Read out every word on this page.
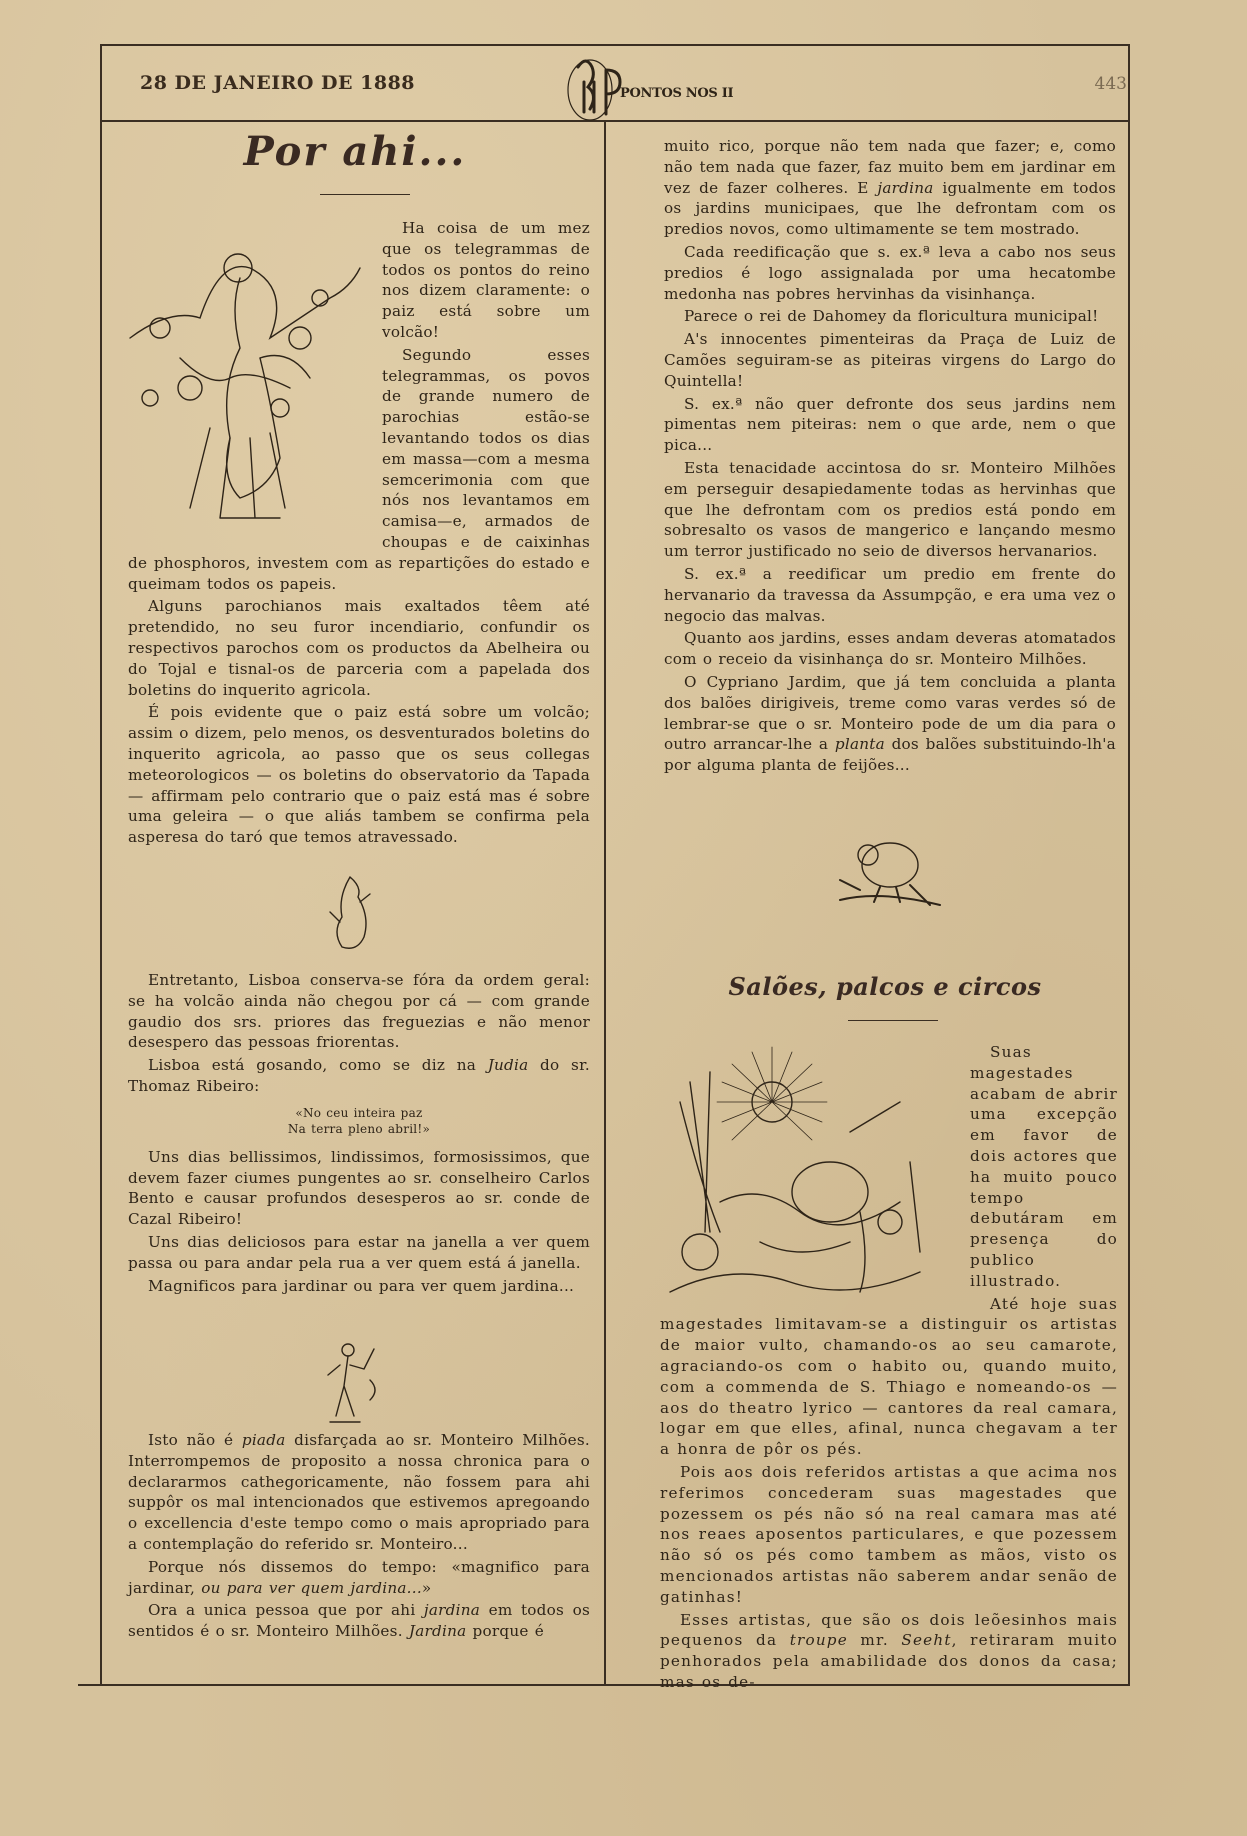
28 DE JANEIRO DE 1888	443
PONTOS NOS II
Por ahi...

Ha coisa de um mez que os telegrammas de todos os pontos do reino nos dizem claramente: o paiz está sobre um volcão!

Segundo esses telegrammas, os povos de grande numero de parochias estão-se levantando todos os dias em massa—com a mesma semcerimonia com que nós nos levantamos em camisa—e, armados de choupas e de caixinhas de phosphoros, investem com as repartições do estado e queimam todos os papeis.

Alguns parochianos mais exaltados têem até pretendido, no seu furor incendiario, confundir os respectivos parochos com os productos da Abelheira ou do Tojal e tisnal-os de parceria com a papelada dos boletins do inquerito agricola.

É pois evidente que o paiz está sobre um volcão; assim o dizem, pelo menos, os desventurados boletins do inquerito agricola, ao passo que os seus collegas meteorologicos — os boletins do observatorio da Tapada — affirmam pelo contrario que o paiz está mas é sobre uma geleira — o que aliás tambem se confirma pela asperesa do taró que temos atravessado.

Entretanto, Lisboa conserva-se fóra da ordem geral: se ha volcão ainda não chegou por cá — com grande gaudio dos srs. priores das freguezias e não menor desespero das pessoas friorentas.

Lisboa está gosando, como se diz na Judia do sr. Thomaz Ribeiro:

«No ceu inteira paz
Na terra pleno abril!»

Uns dias bellissimos, lindissimos, formosissimos, que devem fazer ciumes pungentes ao sr. conselheiro Carlos Bento e causar profundos desesperos ao sr. conde de Cazal Ribeiro!

Uns dias deliciosos para estar na janella a ver quem passa ou para andar pela rua a ver quem está á janella.

Magnificos para jardinar ou para ver quem jardina...

Isto não é piada disfarçada ao sr. Monteiro Milhões. Interrompemos de proposito a nossa chronica para o declararmos cathegoricamente, não fossem para ahi suppôr os mal intencionados que estivemos apregoando o excellencia d'este tempo como o mais apropriado para a contemplação do referido sr. Monteiro...

Porque nós dissemos do tempo: «magnifico para jardinar, ou para ver quem jardina...»

Ora a unica pessoa que por ahi jardina em todos os sentidos é o sr. Monteiro Milhões. Jardina porque é

muito rico, porque não tem nada que fazer; e, como não tem nada que fazer, faz muito bem em jardinar em vez de fazer colheres. E jardina igualmente em todos os jardins municipaes, que lhe defrontam com os predios novos, como ultimamente se tem mostrado.

Cada reedificação que s. ex.ª leva a cabo nos seus predios é logo assignalada por uma hecatombe medonha nas pobres hervinhas da visinhança.

Parece o rei de Dahomey da floricultura municipal!

A's innocentes pimenteiras da Praça de Luiz de Camões seguiram-se as piteiras virgens do Largo do Quintella!

S. ex.ª não quer defronte dos seus jardins nem pimentas nem piteiras: nem o que arde, nem o que pica...

Esta tenacidade accintosa do sr. Monteiro Milhões em perseguir desapiedamente todas as hervinhas que que lhe defrontam com os predios está pondo em sobresalto os vasos de mangerico e lançando mesmo um terror justificado no seio de diversos hervanarios.

S. ex.ª a reedificar um predio em frente do hervanario da travessa da Assumpção, e era uma vez o negocio das malvas.

Quanto aos jardins, esses andam deveras atomatados com o receio da visinhança do sr. Monteiro Milhões.

O Cypriano Jardim, que já tem concluida a planta dos balões dirigiveis, treme como varas verdes só de lembrar-se que o sr. Monteiro pode de um dia para o outro arrancar-lhe a planta dos balões substituindo-lh'a por alguma planta de feijões...

Salões, palcos e circos

Suas magestades acabam de abrir uma excepção em favor de dois actores que ha muito pouco tempo debutáram em presença do publico illustrado.

Até hoje suas magestades limitavam-se a distinguir os artistas de maior vulto, chamando-os ao seu camarote, agraciando-os com o habito ou, quando muito, com a commenda de S. Thiago e nomeando-os — aos do theatro lyrico — cantores da real camara, logar em que elles, afinal, nunca chegavam a ter a honra de pôr os pés.

Pois aos dois referidos artistas a que acima nos referimos concederam suas magestades que pozessem os pés não só na real camara mas até nos reaes aposentos particulares, e que pozessem não só os pés como tambem as mãos, visto os mencionados artistas não saberem andar senão de gatinhas!

Esses artistas, que são os dois leõesinhos mais pequenos da troupe mr. Seeht, retiraram muito penhorados pela amabilidade dos donos da casa; mas os de-
